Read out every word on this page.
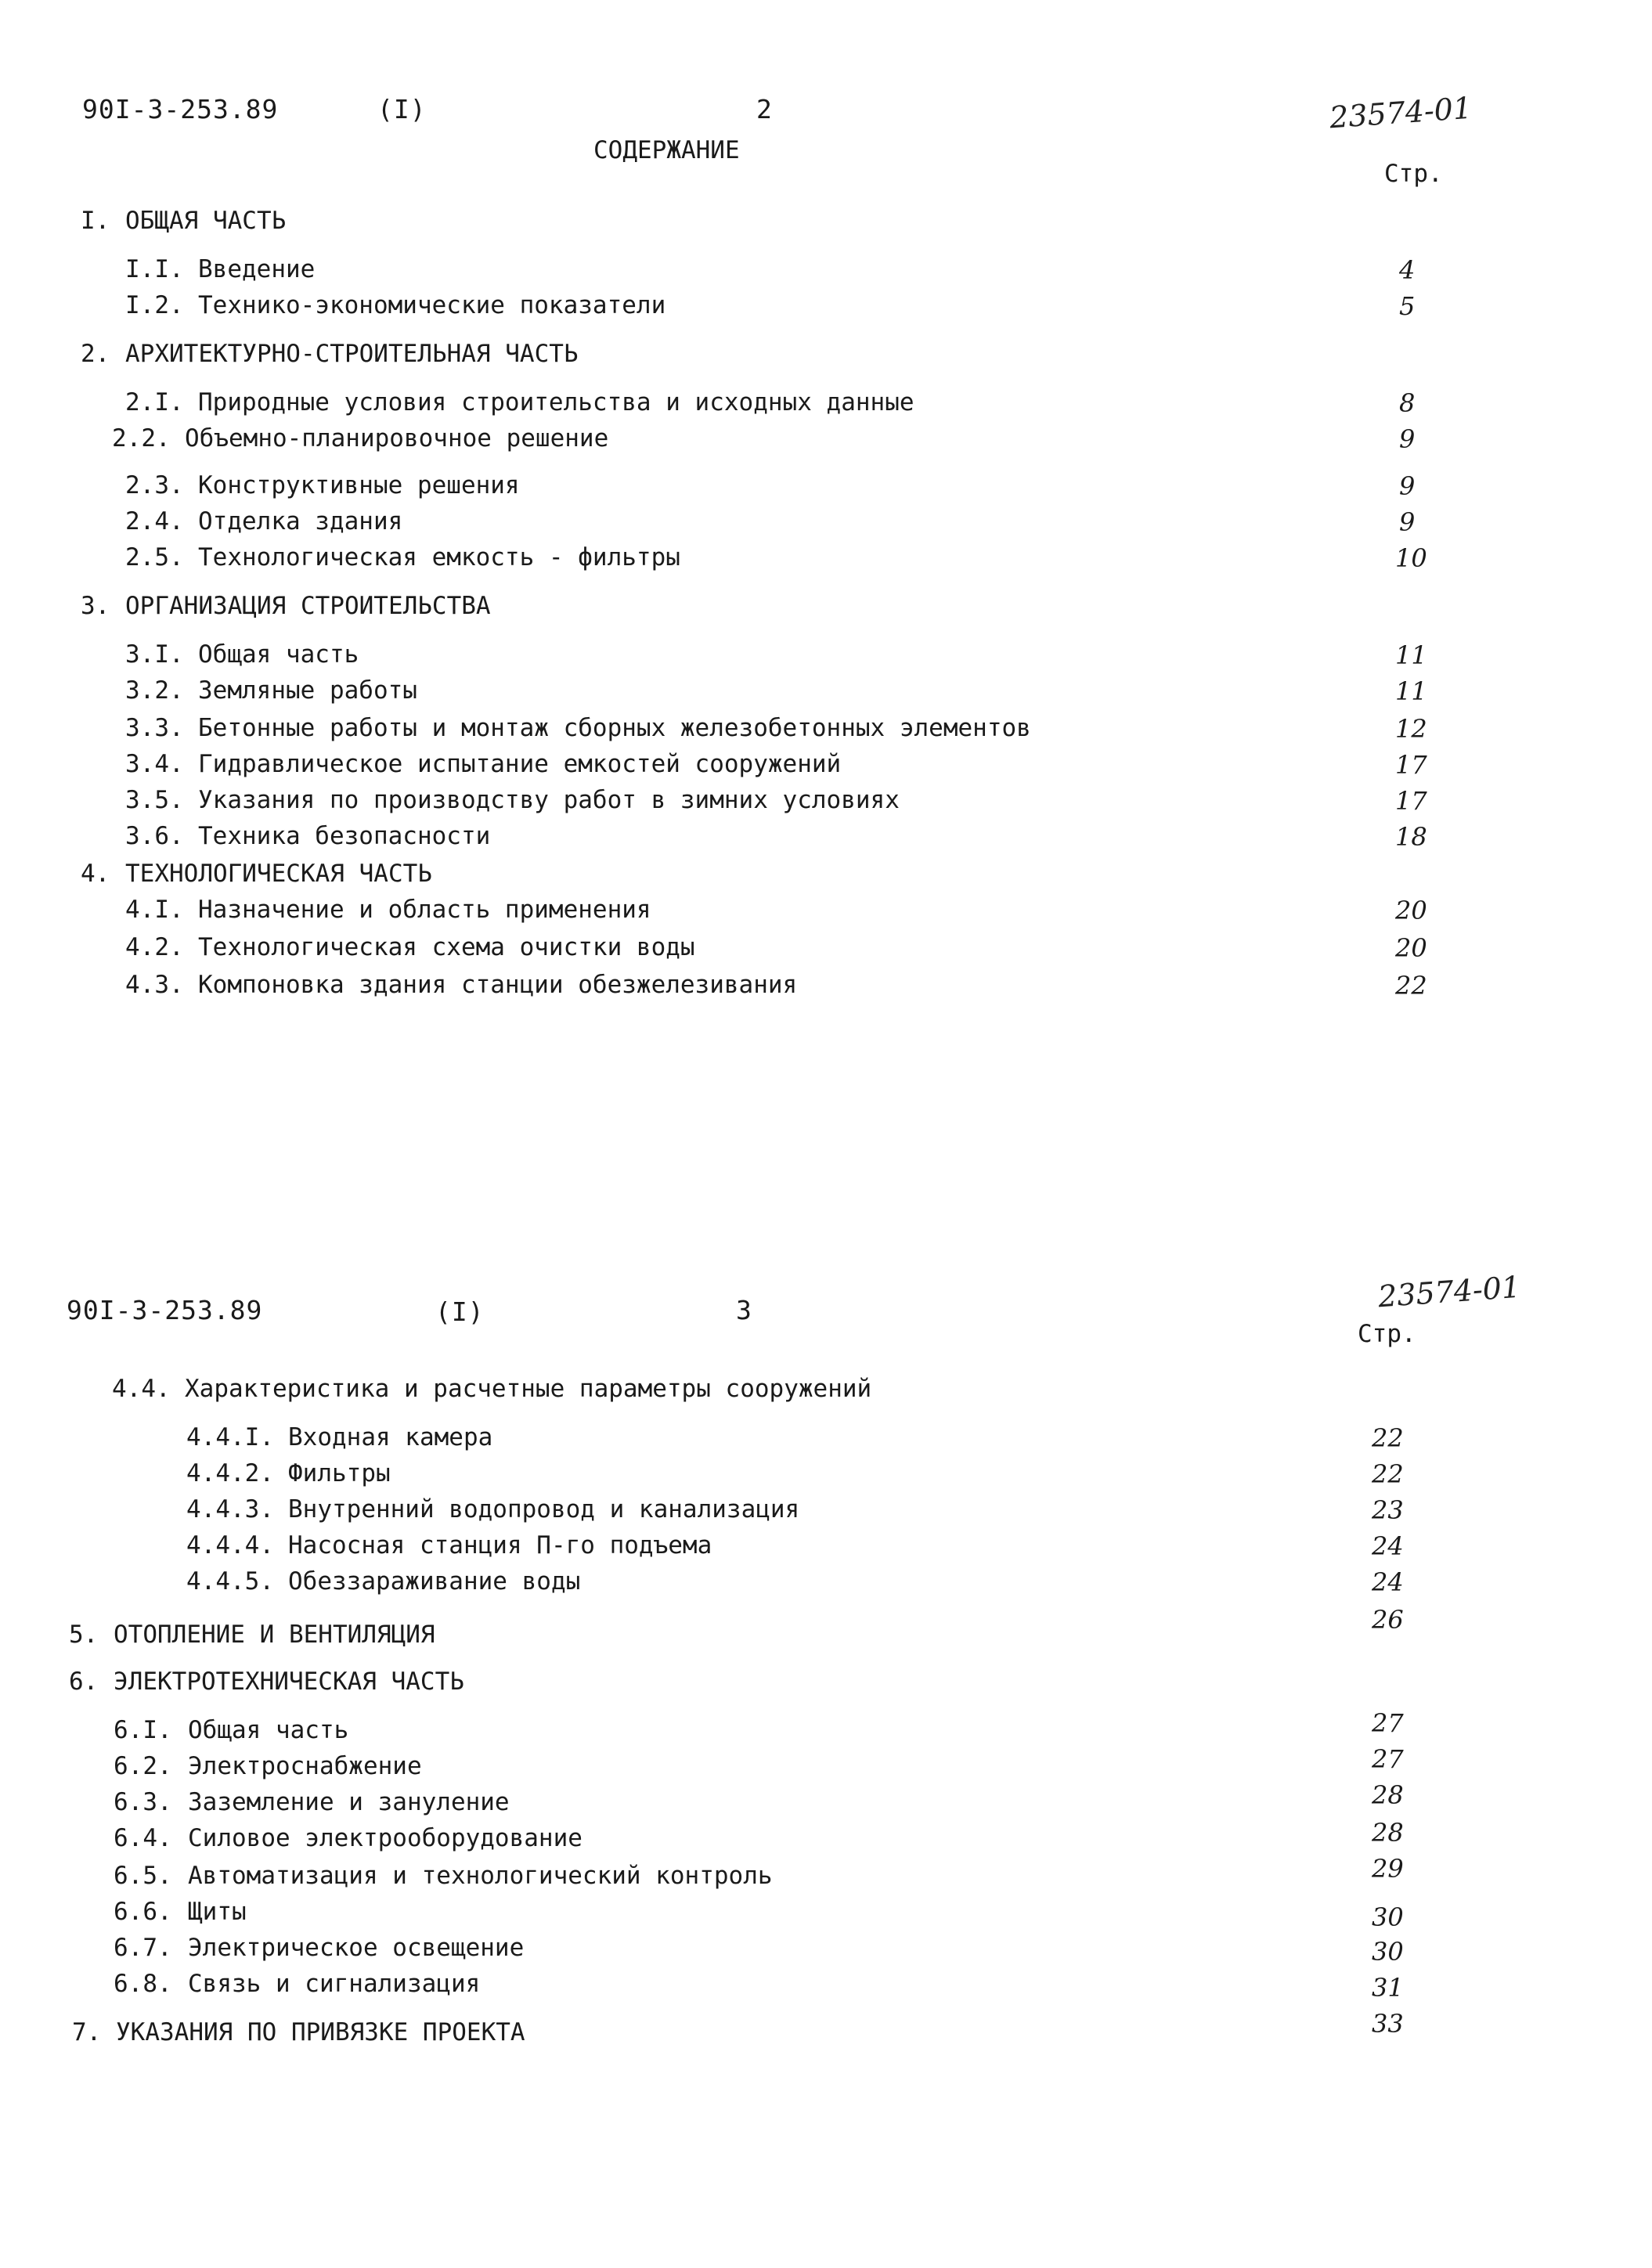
90I-3-253.89	(I)	2	23574-01
СОДЕРЖАНИЕ
Стр.
I. ОБЩАЯ ЧАСТЬ
I.I. Введение	4
I.2. Технико-экономические показатели	5
2. АРХИТЕКТУРНО-СТРОИТЕЛЬНАЯ ЧАСТЬ
2.I. Природные условия строительства и исходных данные	8
2.2. Объемно-планировочное решение	9
2.3. Конструктивные решения	9
2.4. Отделка здания	9
2.5. Технологическая емкость - фильтры	10
3. ОРГАНИЗАЦИЯ СТРОИТЕЛЬСТВА
3.I. Общая часть	11
3.2. Земляные работы	11
3.3. Бетонные работы и монтаж сборных железобетонных элементов	12
3.4. Гидравлическое испытание емкостей сооружений	17
3.5. Указания по производству работ в зимних условиях	17
3.6. Техника безопасности	18
4. ТЕХНОЛОГИЧЕСКАЯ ЧАСТЬ
4.I. Назначение и область применения	20
4.2. Технологическая схема очистки воды	20
4.3. Компоновка здания станции обезжелезивания	22
90I-3-253.89	(I)	3	23574-01
Стр.
4.4. Характеристика и расчетные параметры сооружений
4.4.I. Входная камера	22
4.4.2. Фильтры	22
4.4.3. Внутренний водопровод и канализация	23
4.4.4. Насосная станция П-го подъема	24
4.4.5. Обеззараживание воды	24
5. ОТОПЛЕНИЕ И ВЕНТИЛЯЦИЯ	26
6. ЭЛЕКТРОТЕХНИЧЕСКАЯ ЧАСТЬ
6.I. Общая часть	27
6.2. Электроснабжение	27
6.3. Заземление и зануление	28
6.4. Силовое электрооборудование	28
6.5. Автоматизация и технологический контроль	29
6.6. Щиты	30
6.7. Электрическое освещение	30
6.8. Связь и сигнализация	31
7. УКАЗАНИЯ ПО ПРИВЯЗКЕ ПРОЕКТА	33
